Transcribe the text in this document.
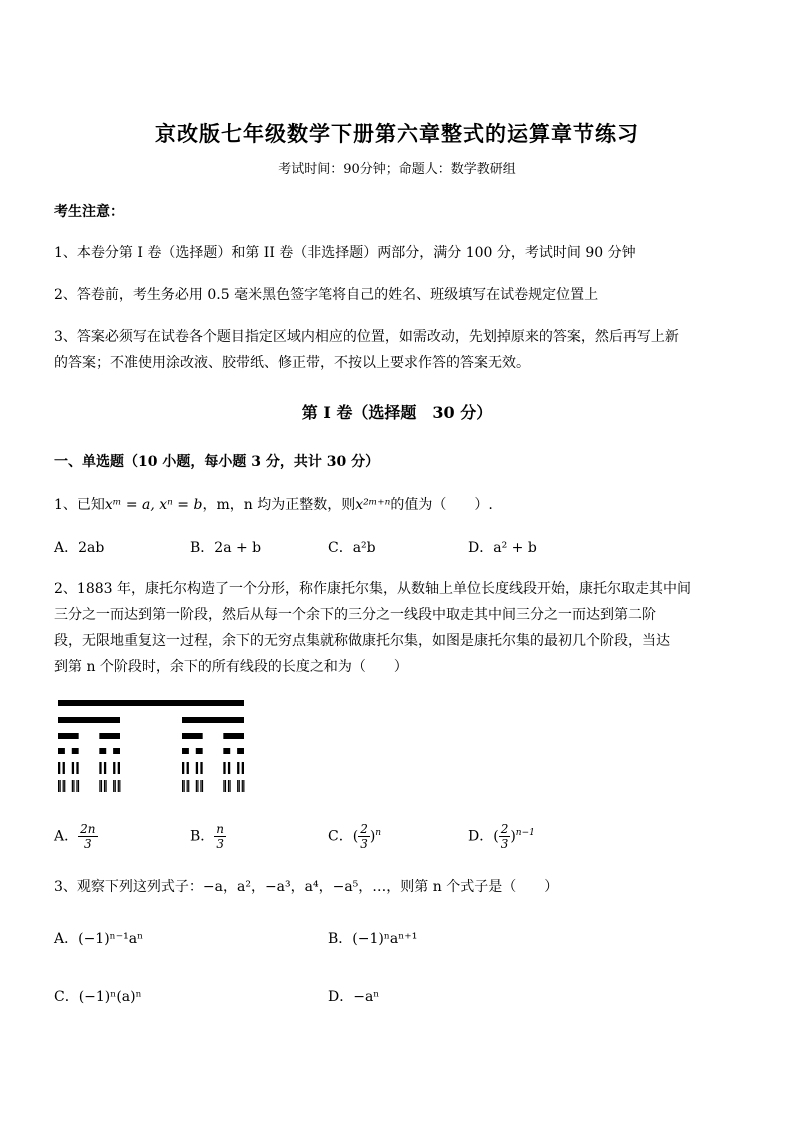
京改版七年级数学下册第六章整式的运算章节练习
考试时间：90分钟；命题人：数学教研组
考生注意：
1、本卷分第 I 卷（选择题）和第 II 卷（非选择题）两部分，满分 100 分，考试时间 90 分钟
2、答卷前，考生务必用 0.5 毫米黑色签字笔将自己的姓名、班级填写在试卷规定位置上
3、答案必须写在试卷各个题目指定区域内相应的位置，如需改动，先划掉原来的答案，然后再写上新
的答案；不准使用涂改液、胶带纸、修正带，不按以上要求作答的答案无效。
第 I 卷（选择题　30 分）
一、单选题（10 小题，每小题 3 分，共计 30 分）
1、已知xᵐ = a, xⁿ = b，m，n 均为正整数，则x²ᵐ⁺ⁿ的值为（　　）.
A．2ab	B．2a + b	C．a²b	D．a² + b
2、1883 年，康托尔构造了一个分形，称作康托尔集，从数轴上单位长度线段开始，康托尔取走其中间
三分之一而达到第一阶段，然后从每一个余下的三分之一线段中取走其中间三分之一而达到第二阶
段，无限地重复这一过程，余下的无穷点集就称做康托尔集，如图是康托尔集的最初几个阶段，当达
到第 n 个阶段时，余下的所有线段的长度之和为（　　）
A． $\frac{2n}{3}$	B． $\frac{n}{3}$	C．( $\frac{2}{3} )^n$	D．( $\frac{2}{3} )^{n-1}$
3、观察下列这列式子：−a，a²，−a³，a⁴，−a⁵，…，则第 n 个式子是（　　）
A．(−1)ⁿ⁻¹aⁿ	B．(−1)ⁿaⁿ⁺¹
C．(−1)ⁿ(a)ⁿ	D．−aⁿ
